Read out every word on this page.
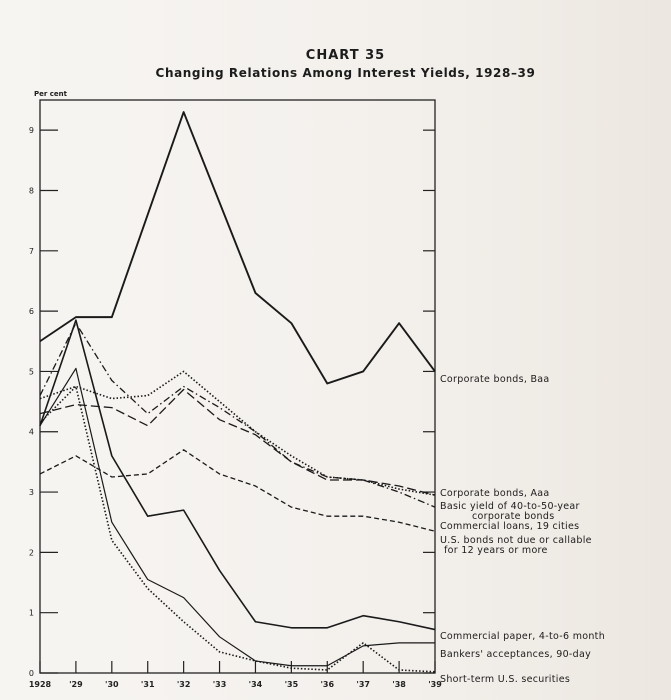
CHART 35
Changing Relations Among Interest Yields, 1928–39
Per cent
9
8
7
6
5
4
3
2
1
0
1928 '29	'30	'31	'32	'33	'34	'35	'36	'37	'38	'39
Corporate bonds, Baa
Corporate bonds, Aaa
Basic yield of 40-to-50-year
corporate bonds
Commercial loans, 19 cities
U.S. bonds not due or callable
for 12 years or more
Commercial paper, 4-to-6 month
Bankers' acceptances, 90-day
Short-term U.S. securities
